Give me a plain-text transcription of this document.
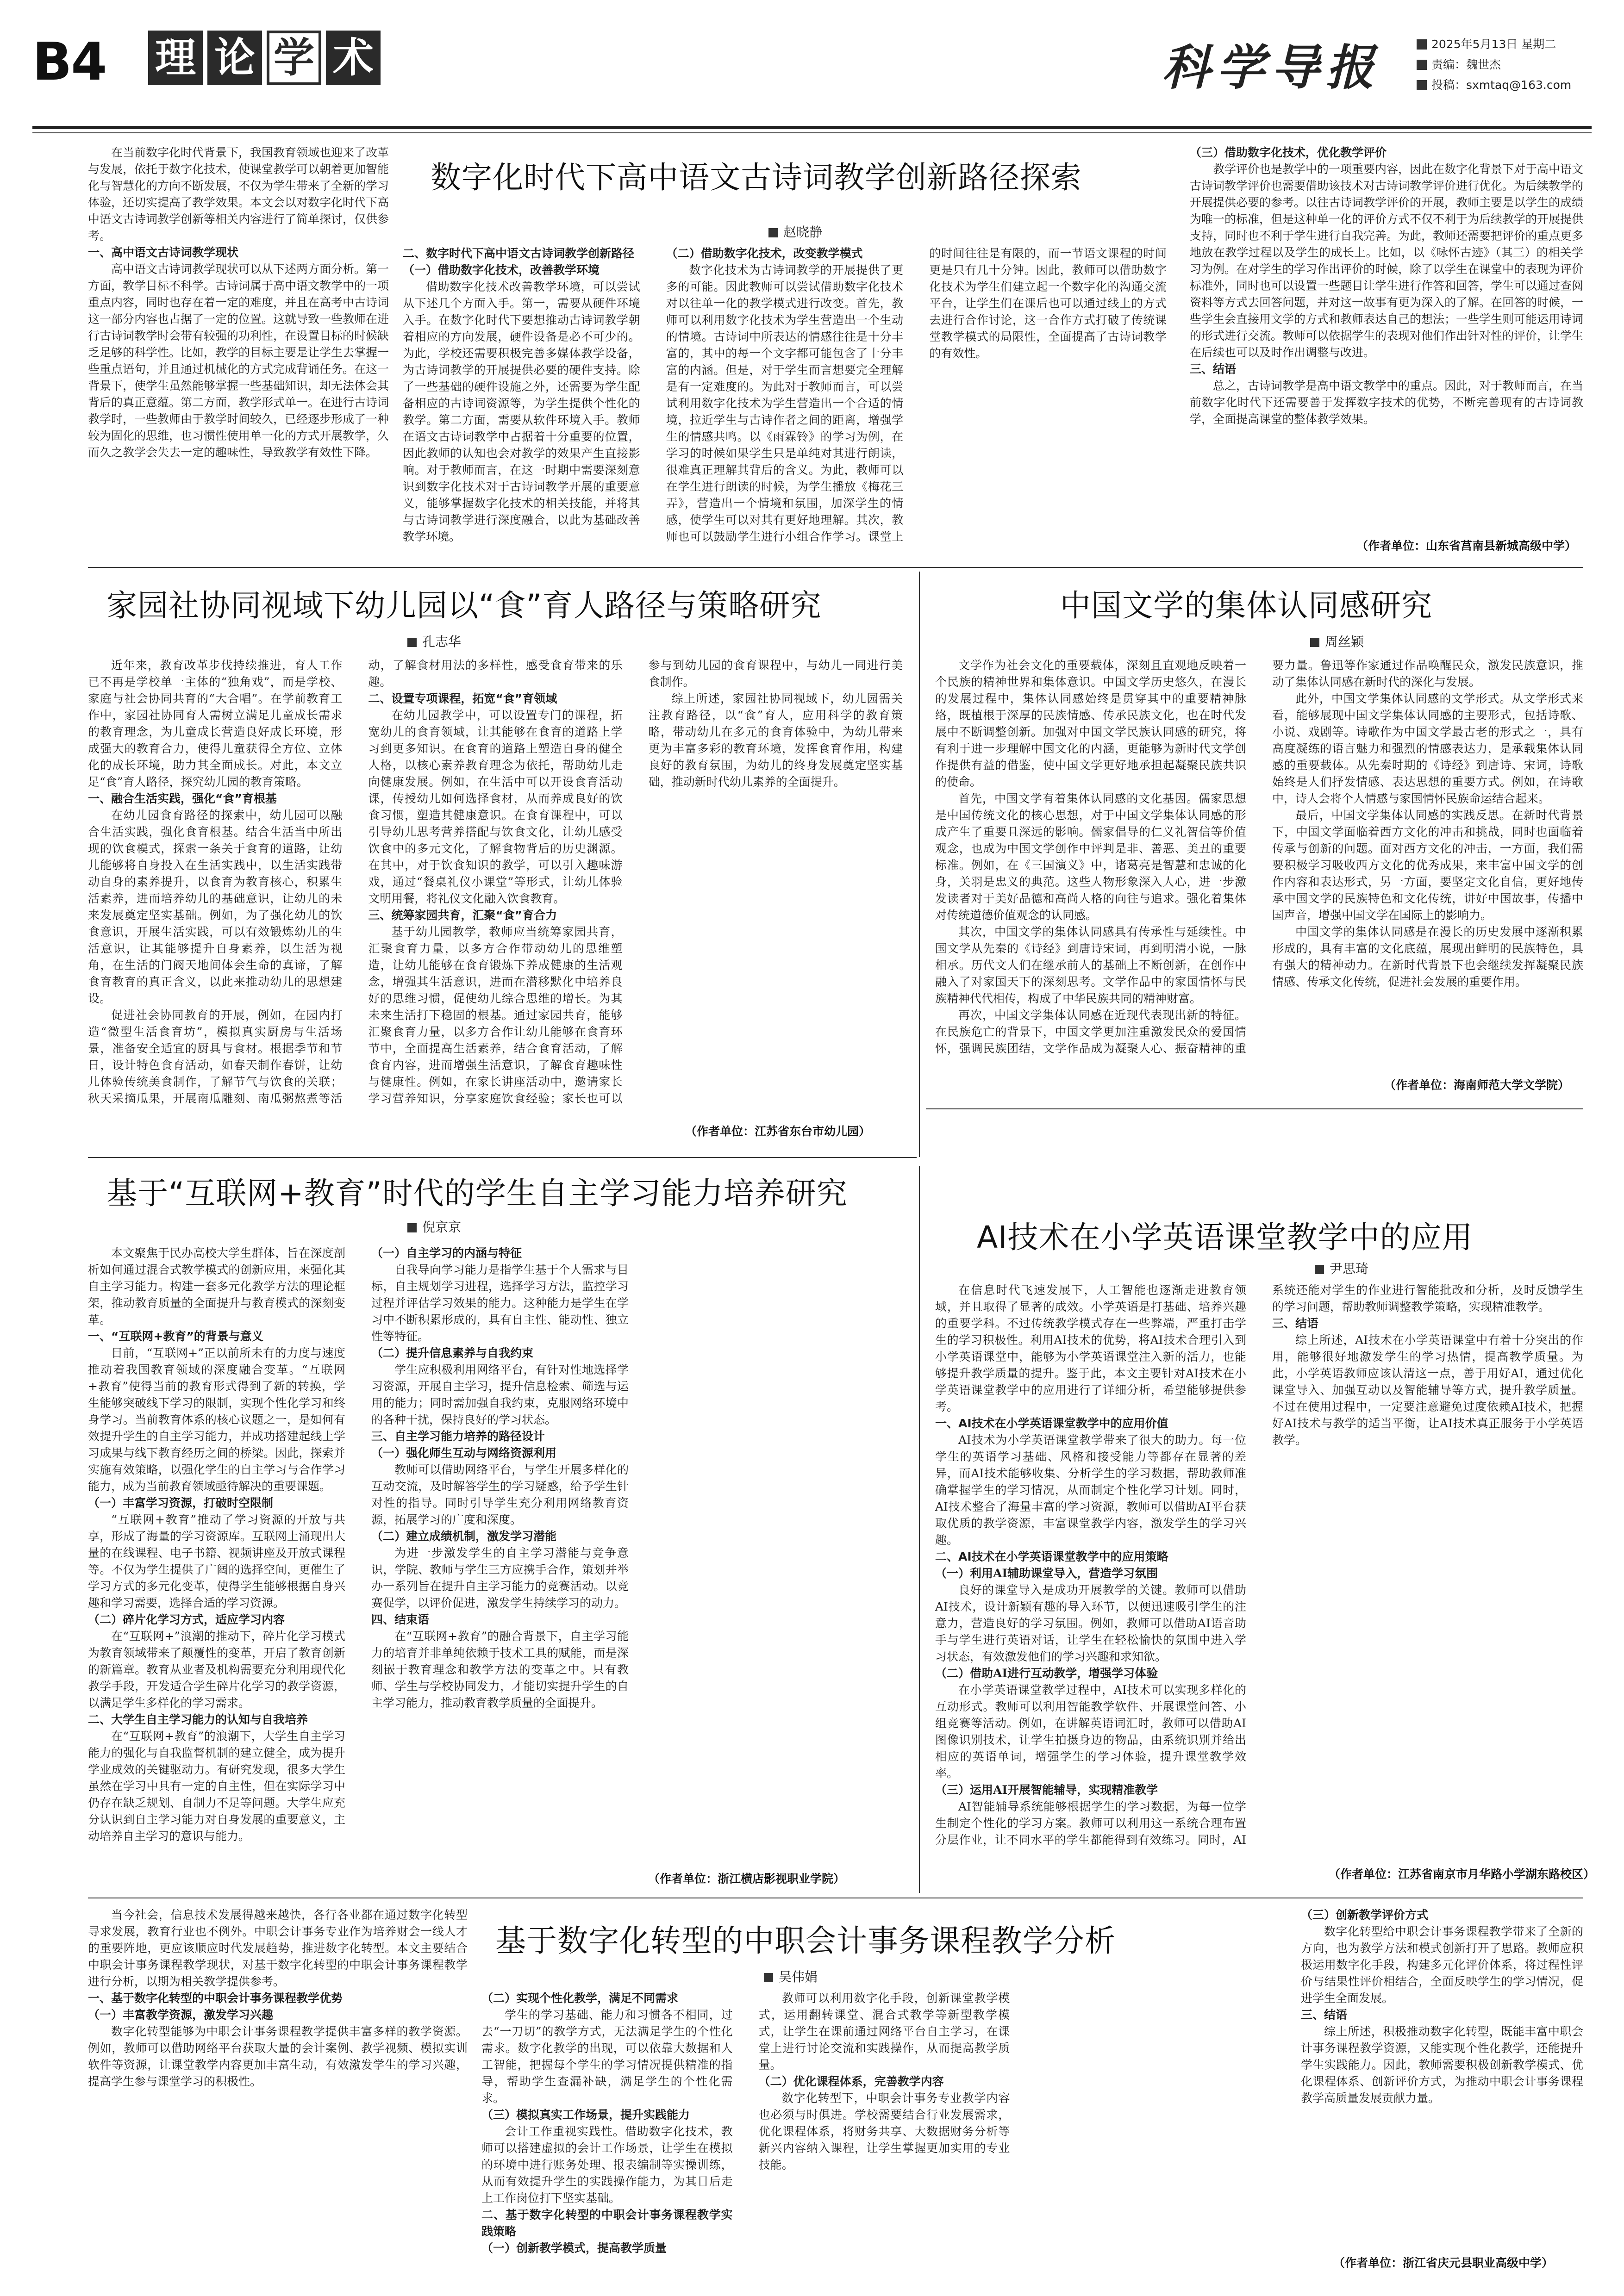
B4 理 论 学 术	科学导报	2025年5月13日 星期二
责编：魏世杰
投稿：sxmtaq@163.com
数字化时代下高中语文古诗词教学创新路径探索
赵晓静

在当前数字化时代背景下，我国教育领域也迎来了改革与发展，依托于数字化技术，使课堂教学可以朝着更加智能化与智慧化的方向不断发展，不仅为学生带来了全新的学习体验，还切实提高了教学效果。本文会以对数字化时代下高中语文古诗词教学创新等相关内容进行了简单探讨，仅供参考。

一、高中语文古诗词教学现状

高中语文古诗词教学现状可以从下述两方面分析。第一方面，教学目标不科学。古诗词属于高中语文教学中的一项重点内容，同时也存在着一定的难度，并且在高考中古诗词这一部分内容也占据了一定的位置。这就导致一些教师在进行古诗词教学时会带有较强的功利性，在设置目标的时候缺乏足够的科学性。比如，教学的目标主要是让学生去掌握一些重点语句，并且通过机械化的方式完成背诵任务。在这一背景下，使学生虽然能够掌握一些基础知识，却无法体会其背后的真正意蕴。第二方面，教学形式单一。在进行古诗词教学时，一些教师由于教学时间较久，已经逐步形成了一种较为固化的思维，也习惯性使用单一化的方式开展教学，久而久之教学会失去一定的趣味性，导致教学有效性下降。

二、数字时代下高中语文古诗词教学创新路径

（一）借助数字化技术，改善教学环境

借助数字化技术改善教学环境，可以尝试从下述几个方面入手。第一，需要从硬件环境入手。在数字化时代下要想推动古诗词教学朝着相应的方向发展，硬件设备是必不可少的。为此，学校还需要积极完善多媒体教学设备，为古诗词教学的开展提供必要的硬件支持。除了一些基础的硬件设施之外，还需要为学生配备相应的古诗词资源等，为学生提供个性化的教学。第二方面，需要从软件环境入手。教师在语文古诗词教学中占据着十分重要的位置，因此教师的认知也会对教学的效果产生直接影响。对于教师而言，在这一时期中需要深刻意识到数字化技术对于古诗词教学开展的重要意义，能够掌握数字化技术的相关技能，并将其与古诗词教学进行深度融合，以此为基础改善教学环境。

（二）借助数字化技术，改变教学模式

数字化技术为古诗词教学的开展提供了更多的可能。因此教师可以尝试借助数字化技术对以往单一化的教学模式进行改变。首先，教师可以利用数字化技术为学生营造出一个生动的情境。古诗词中所表达的情感往往是十分丰富的，其中的每一个文字都可能包含了十分丰富的内涵。但是，对于学生而言想要完全理解是有一定难度的。为此对于教师而言，可以尝试利用数字化技术为学生营造出一个合适的情境，拉近学生与古诗作者之间的距离，增强学生的情感共鸣。以《雨霖铃》的学习为例，在学习的时候如果学生只是单纯对其进行朗读，很难真正理解其背后的含义。为此，教师可以在学生进行朗读的时候，为学生播放《梅花三弄》，营造出一个情境和氛围，加深学生的情感，使学生可以对其有更好地理解。其次，教师也可以鼓励学生进行小组合作学习。课堂上的时间往往是有限的，而一节语文课程的时间更是只有几十分钟。因此，教师可以借助数字化技术为学生们建立起一个数字化的沟通交流平台，让学生们在课后也可以通过线上的方式去进行合作讨论，这一合作方式打破了传统课堂教学模式的局限性，全面提高了古诗词教学的有效性。

（三）借助数字化技术，优化教学评价

教学评价也是教学中的一项重要内容，因此在数字化背景下对于高中语文古诗词教学评价也需要借助该技术对古诗词教学评价进行优化。为后续教学的开展提供必要的参考。以往古诗词教学评价的开展，教师主要是以学生的成绩为唯一的标准，但是这种单一化的评价方式不仅不利于为后续教学的开展提供支持，同时也不利于学生进行自我完善。为此，教师还需要把评价的重点更多地放在教学过程以及学生的成长上。比如，以《咏怀古迹》（其三）的相关学习为例。在对学生的学习作出评价的时候，除了以学生在课堂中的表现为评价标准外，同时也可以设置一些题目让学生进行作答和回答，学生可以通过查阅资料等方式去回答问题，并对这一故事有更为深入的了解。在回答的时候，一些学生会直接用文学的方式和教师表达自己的想法；一些学生则可能运用诗词的形式进行交流。教师可以依据学生的表现对他们作出针对性的评价，让学生在后续也可以及时作出调整与改进。

三、结语

总之，古诗词教学是高中语文教学中的重点。因此，对于教师而言，在当前数字化时代下还需要善于发挥数字技术的优势，不断完善现有的古诗词教学，全面提高课堂的整体教学效果。

（作者单位：山东省莒南县新城高级中学）
家园社协同视域下幼儿园以“食”育人路径与策略研究
孔志华

近年来，教育改革步伐持续推进，育人工作已不再是学校单一主体的“独角戏”，而是学校、家庭与社会协同共育的“大合唱”。在学前教育工作中，家园社协同育人需树立满足儿童成长需求的教育理念，为儿童成长营造良好成长环境，形成强大的教育合力，使得儿童获得全方位、立体化的成长环境，助力其全面成长。对此，本文立足“食”育人路径，探究幼儿园的教育策略。

一、融合生活实践，强化“食”育根基

在幼儿园食育路径的探索中，幼儿园可以融合生活实践，强化食育根基。结合生活当中所出现的饮食模式，探索一条关于食育的道路，让幼儿能够将自身投入在生活实践中，以生活实践带动自身的素养提升，以食育为教育核心，积累生活素养，进而培养幼儿的基础意识，让幼儿的未来发展奠定坚实基础。例如，为了强化幼儿的饮食意识，开展生活实践，可以有效锻炼幼儿的生活意识，让其能够提升自身素养，以生活为视角，在生活的门阀天地间体会生命的真谛，了解食育教育的真正含义，以此来推动幼儿的思想建设。

促进社会协同教育的开展，例如，在园内打造“微型生活食育坊”，模拟真实厨房与生活场景，准备安全适宜的厨具与食材。根据季节和节日，设计特色食育活动，如春天制作春饼，让幼儿体验传统美食制作，了解节气与饮食的关联；秋天采摘瓜果，开展南瓜雕刻、南瓜粥熬煮等活动，了解食材用法的多样性，感受食育带来的乐趣。

二、设置专项课程，拓宽“食”育领域

在幼儿园教学中，可以设置专门的课程，拓宽幼儿的食育领域，让其能够在食育的道路上学习到更多知识。在食育的道路上塑造自身的健全人格，以核心素养教育理念为依托，帮助幼儿走向健康发展。例如，在生活中可以开设食育活动课，传授幼儿如何选择食材，从而养成良好的饮食习惯，塑造其健康意识。在食育课程中，可以引导幼儿思考营养搭配与饮食文化，让幼儿感受饮食中的多元文化，了解食物背后的历史渊源。在其中，对于饮食知识的教学，可以引入趣味游戏，通过“餐桌礼仪小课堂”等形式，让幼儿体验文明用餐，将礼仪文化融入饮食教育。

三、统筹家园共育，汇聚“食”育合力

基于幼儿园教学，教师应当统筹家园共育，汇聚食育力量，以多方合作带动幼儿的思维塑造，让幼儿能够在食育锻炼下养成健康的生活观念，增强其生活意识，进而在潜移默化中培养良好的思维习惯，促使幼儿综合思维的增长。为其未来生活打下稳固的根基。通过家园共育，能够汇聚食育力量，以多方合作让幼儿能够在食育环节中，全面提高生活素养，结合食育活动，了解食育内容，进而增强生活意识，了解食育趣味性与健康性。例如，在家长讲座活动中，邀请家长学习营养知识，分享家庭饮食经验；家长也可以参与到幼儿园的食育课程中，与幼儿一同进行美食制作。

综上所述，家园社协同视域下，幼儿园需关注教育路径，以“食”育人，应用科学的教育策略，带动幼儿在多元的食育体验中，为幼儿带来更为丰富多彩的教育环境，发挥食育作用，构建良好的教育氛围，为幼儿的终身发展奠定坚实基础，推动新时代幼儿素养的全面提升。

（作者单位：江苏省东台市幼儿园）
中国文学的集体认同感研究
周丝颖

文学作为社会文化的重要载体，深刻且直观地反映着一个民族的精神世界和集体意识。中国文学历史悠久，在漫长的发展过程中，集体认同感始终是贯穿其中的重要精神脉络，既植根于深厚的民族情感、传承民族文化，也在时代发展中不断调整创新。加强对中国文学民族认同感的研究，将有利于进一步理解中国文化的内涵，更能够为新时代文学创作提供有益的借鉴，使中国文学更好地承担起凝聚民族共识的使命。

首先，中国文学有着集体认同感的文化基因。儒家思想是中国传统文化的核心思想，对于中国文学集体认同感的形成产生了重要且深远的影响。儒家倡导的仁义礼智信等价值观念，也成为中国文学创作中评判是非、善恶、美丑的重要标准。例如，在《三国演义》中，诸葛亮是智慧和忠诚的化身，关羽是忠义的典范。这些人物形象深入人心，进一步激发读者对于美好品德和高尚人格的向往与追求。强化着集体对传统道德价值观念的认同感。

其次，中国文学的集体认同感具有传承性与延续性。中国文学从先秦的《诗经》到唐诗宋词，再到明清小说，一脉相承。历代文人们在继承前人的基础上不断创新，在创作中融入了对家国天下的深刻思考。文学作品中的家国情怀与民族精神代代相传，构成了中华民族共同的精神财富。

再次，中国文学集体认同感在近现代表现出新的特征。在民族危亡的背景下，中国文学更加注重激发民众的爱国情怀，强调民族团结，文学作品成为凝聚人心、振奋精神的重要力量。鲁迅等作家通过作品唤醒民众，激发民族意识，推动了集体认同感在新时代的深化与发展。

此外，中国文学集体认同感的文学形式。从文学形式来看，能够展现中国文学集体认同感的主要形式，包括诗歌、小说、戏剧等。诗歌作为中国文学最古老的形式之一，具有高度凝练的语言魅力和强烈的情感表达力，是承载集体认同感的重要载体。从先秦时期的《诗经》到唐诗、宋词，诗歌始终是人们抒发情感、表达思想的重要方式。例如，在诗歌中，诗人会将个人情感与家国情怀民族命运结合起来。

最后，中国文学集体认同感的实践反思。在新时代背景下，中国文学面临着西方文化的冲击和挑战，同时也面临着传承与创新的问题。面对西方文化的冲击，一方面，我们需要积极学习吸收西方文化的优秀成果，来丰富中国文学的创作内容和表达形式，另一方面，要坚定文化自信，更好地传承中国文学的民族特色和文化传统，讲好中国故事，传播中国声音，增强中国文学在国际上的影响力。

中国文学的集体认同感是在漫长的历史发展中逐渐积累形成的，具有丰富的文化底蕴，展现出鲜明的民族特色，具有强大的精神动力。在新时代背景下也会继续发挥凝聚民族情感、传承文化传统，促进社会发展的重要作用。

（作者单位：海南师范大学文学院）
基于“互联网+教育”时代的学生自主学习能力培养研究
倪京京

本文聚焦于民办高校大学生群体，旨在深度剖析如何通过混合式教学模式的创新应用，来强化其自主学习能力。构建一套多元化教学方法的理论框架，推动教育质量的全面提升与教育模式的深刻变革。

一、“互联网+教育”的背景与意义

目前，“互联网+”正以前所未有的力度与速度推动着我国教育领域的深度融合变革。“互联网+教育”使得当前的教育形式得到了新的转换，学生能够突破线下学习的限制，实现个性化学习和终身学习。当前教育体系的核心议题之一，是如何有效提升学生的自主学习能力，并成功搭建起线上学习成果与线下教育经历之间的桥梁。因此，探索并实施有效策略，以强化学生的自主学习与合作学习能力，成为当前教育领域亟待解决的重要课题。

（一）丰富学习资源，打破时空限制

“互联网+教育”推动了学习资源的开放与共享，形成了海量的学习资源库。互联网上涌现出大量的在线课程、电子书籍、视频讲座及开放式课程等。不仅为学生提供了广阔的选择空间，更催生了学习方式的多元化变革，使得学生能够根据自身兴趣和学习需要，选择合适的学习资源。

（二）碎片化学习方式，适应学习内容

在“互联网+”浪潮的推动下，碎片化学习模式为教育领域带来了颠覆性的变革，开启了教育创新的新篇章。教育从业者及机构需要充分利用现代化教学手段，开发适合学生碎片化学习的教学资源，以满足学生多样化的学习需求。

二、大学生自主学习能力的认知与自我培养

在“互联网+教育”的浪潮下，大学生自主学习能力的强化与自我监督机制的建立健全，成为提升学业成效的关键驱动力。有研究发现，很多大学生虽然在学习中具有一定的自主性，但在实际学习中仍存在缺乏规划、自制力不足等问题。大学生应充分认识到自主学习能力对自身发展的重要意义，主动培养自主学习的意识与能力。

（一）自主学习的内涵与特征

自我导向学习能力是指学生基于个人需求与目标，自主规划学习进程，选择学习方法，监控学习过程并评估学习效果的能力。这种能力是学生在学习中不断积累形成的，具有自主性、能动性、独立性等特征。

（二）提升信息素养与自我约束

学生应积极利用网络平台，有针对性地选择学习资源，开展自主学习，提升信息检索、筛选与运用的能力；同时需加强自我约束，克服网络环境中的各种干扰，保持良好的学习状态。

三、自主学习能力培养的路径设计

（一）强化师生互动与网络资源利用

教师可以借助网络平台，与学生开展多样化的互动交流，及时解答学生的学习疑惑，给予学生针对性的指导。同时引导学生充分利用网络教育资源，拓展学习的广度和深度。

（二）建立成绩机制，激发学习潜能

为进一步激发学生的自主学习潜能与竞争意识，学院、教师与学生三方应携手合作，策划并举办一系列旨在提升自主学习能力的竞赛活动。以竞赛促学，以评价促进，激发学生持续学习的动力。

四、结束语

在“互联网+教育”的融合背景下，自主学习能力的培育并非单纯依赖于技术工具的赋能，而是深刻嵌于教育理念和教学方法的变革之中。只有教师、学生与学校协同发力，才能切实提升学生的自主学习能力，推动教育教学质量的全面提升。

（作者单位：浙江横店影视职业学院）
AI技术在小学英语课堂教学中的应用
尹思琦

在信息时代飞速发展下，人工智能也逐渐走进教育领域，并且取得了显著的成效。小学英语是打基础、培养兴趣的重要学科。不过传统教学模式存在一些弊端，严重打击学生的学习积极性。利用AI技术的优势，将AI技术合理引入到小学英语课堂中，能够为小学英语课堂注入新的活力，也能够提升教学质量的提升。鉴于此，本文主要针对AI技术在小学英语课堂教学中的应用进行了详细分析，希望能够提供参考。

一、AI技术在小学英语课堂教学中的应用价值

AI技术为小学英语课堂教学带来了很大的助力。每一位学生的英语学习基础、风格和接受能力等都存在显著的差异，而AI技术能够收集、分析学生的学习数据，帮助教师准确掌握学生的学习情况，从而制定个性化学习计划。同时，AI技术整合了海量丰富的学习资源，教师可以借助AI平台获取优质的教学资源，丰富课堂教学内容，激发学生的学习兴趣。

二、AI技术在小学英语课堂教学中的应用策略

（一）利用AI辅助课堂导入，营造学习氛围

良好的课堂导入是成功开展教学的关键。教师可以借助AI技术，设计新颖有趣的导入环节，以便迅速吸引学生的注意力，营造良好的学习氛围。例如，教师可以借助AI语音助手与学生进行英语对话，让学生在轻松愉快的氛围中进入学习状态，有效激发他们的学习兴趣和求知欲。

（二）借助AI进行互动教学，增强学习体验

在小学英语课堂教学过程中，AI技术可以实现多样化的互动形式。教师可以利用智能教学软件、开展课堂问答、小组竞赛等活动。例如，在讲解英语词汇时，教师可以借助AI图像识别技术，让学生拍摄身边的物品，由系统识别并给出相应的英语单词，增强学生的学习体验，提升课堂教学效率。

（三）运用AI开展智能辅导，实现精准教学

AI智能辅导系统能够根据学生的学习数据，为每一位学生制定个性化的学习方案。教师可以利用这一系统合理布置分层作业，让不同水平的学生都能得到有效练习。同时，AI系统还能对学生的作业进行智能批改和分析，及时反馈学生的学习问题，帮助教师调整教学策略，实现精准教学。

三、结语

综上所述，AI技术在小学英语课堂中有着十分突出的作用，能够很好地激发学生的学习热情，提高教学质量。为此，小学英语教师应该认清这一点，善于用好AI，通过优化课堂导入、加强互动以及智能辅导等方式，提升教学质量。不过在使用过程中，一定要注意避免过度依赖AI技术，把握好AI技术与教学的适当平衡，让AI技术真正服务于小学英语教学。

（作者单位：江苏省南京市月华路小学湖东路校区）
基于数字化转型的中职会计事务课程教学分析
吴伟娟

当今社会，信息技术发展得越来越快，各行各业都在通过数字化转型寻求发展，教育行业也不例外。中职会计事务专业作为培养财会一线人才的重要阵地，更应该顺应时代发展趋势，推进数字化转型。本文主要结合中职会计事务课程教学现状，对基于数字化转型的中职会计事务课程教学进行分析，以期为相关教学提供参考。

一、基于数字化转型的中职会计事务课程教学优势

（一）丰富教学资源，激发学习兴趣

数字化转型能够为中职会计事务课程教学提供丰富多样的教学资源。例如，教师可以借助网络平台获取大量的会计案例、教学视频、模拟实训软件等资源，让课堂教学内容更加丰富生动，有效激发学生的学习兴趣，提高学生参与课堂学习的积极性。

（二）实现个性化教学，满足不同需求

学生的学习基础、能力和习惯各不相同，过去“一刀切”的教学方式，无法满足学生的个性化需求。数字化教学的出现，可以依靠大数据和人工智能，把握每个学生的学习情况提供精准的指导，帮助学生查漏补缺，满足学生的个性化需求。

（三）模拟真实工作场景，提升实践能力

会计工作重视实践性。借助数字化技术，教师可以搭建虚拟的会计工作场景，让学生在模拟的环境中进行账务处理、报表编制等实操训练，从而有效提升学生的实践操作能力，为其日后走上工作岗位打下坚实基础。

二、基于数字化转型的中职会计事务课程教学实践策略

（一）创新教学模式，提高教学质量

教师可以利用数字化手段，创新课堂教学模式，运用翻转课堂、混合式教学等新型教学模式，让学生在课前通过网络平台自主学习，在课堂上进行讨论交流和实践操作，从而提高教学质量。

（二）优化课程体系，完善教学内容

数字化转型下，中职会计事务专业教学内容也必须与时俱进。学校需要结合行业发展需求，优化课程体系，将财务共享、大数据财务分析等新兴内容纳入课程，让学生掌握更加实用的专业技能。

（三）创新教学评价方式

数字化转型给中职会计事务课程教学带来了全新的方向，也为教学方法和模式创新打开了思路。教师应积极运用数字化手段，构建多元化评价体系，将过程性评价与结果性评价相结合，全面反映学生的学习情况，促进学生全面发展。

三、结语

综上所述，积极推动数字化转型，既能丰富中职会计事务课程教学资源，又能实现个性化教学，还能提升学生实践能力。因此，教师需要积极创新教学模式、优化课程体系、创新评价方式，为推动中职会计事务课程教学高质量发展贡献力量。

（作者单位：浙江省庆元县职业高级中学）
